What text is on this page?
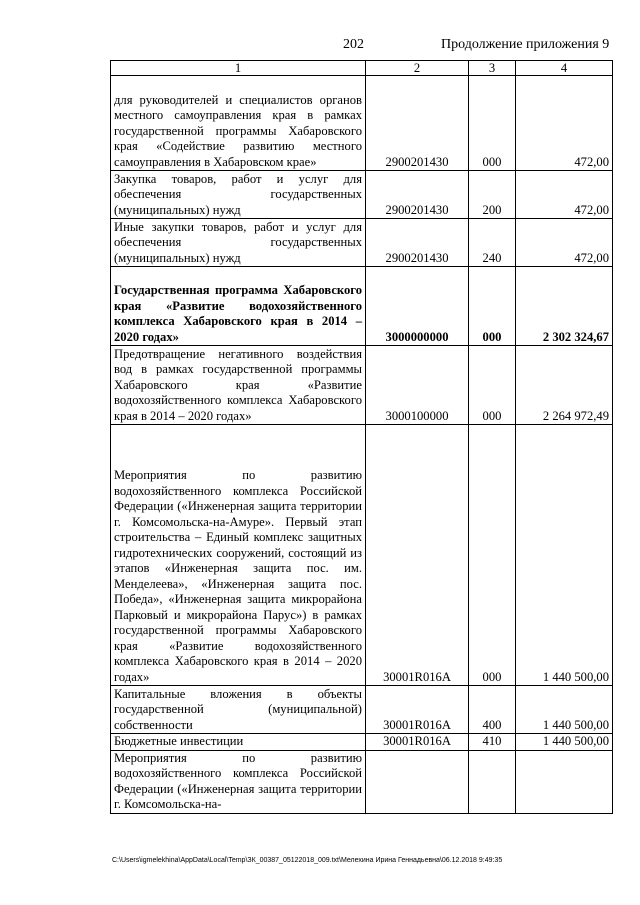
202	Продолжение приложения 9
1	2	3	4
для руководителей и специалистов органов местного самоуправления края в рамках государственной программы Хабаровского края «Содействие развитию местного самоуправления в Хабаровском крае»	2900201430	000	472,00
Закупка товаров, работ и услуг для обеспечения государственных (муниципальных) нужд	2900201430	200	472,00
Иные закупки товаров, работ и услуг для обеспечения государственных (муниципальных) нужд	2900201430	240	472,00
Государственная программа Хабаровского края «Развитие водохозяйственного комплекса Хабаровского края в 2014 – 2020 годах»	3000000000	000	2 302 324,67
Предотвращение негативного воздействия вод в рамках государственной программы Хабаровского края «Развитие водохозяйственного комплекса Хабаровского края в 2014 – 2020 годах»	3000100000	000	2 264 972,49
Мероприятия по развитию водохозяйственного комплекса Российской Федерации («Инженерная защита территории г. Комсомольска-на-Амуре». Первый этап строительства – Единый комплекс защитных гидротехнических сооружений, состоящий из этапов «Инженерная защита пос. им. Менделеева», «Инженерная защита пос. Победа», «Инженерная защита микрорайона Парковый и микрорайона Парус») в рамках государственной программы Хабаровского края «Развитие водохозяйственного комплекса Хабаровского края в 2014 – 2020 годах»	30001R016A	000	1 440 500,00
Капитальные вложения в объекты государственной (муниципальной) собственности	30001R016A	400	1 440 500,00
Бюджетные инвестиции	30001R016A	410	1 440 500,00
Мероприятия по развитию водохозяйственного комплекса Российской Федерации («Инженерная защита территории г. Комсомольска-на-			
C:\Users\igmelekhina\AppData\Local\Temp\ЗК_00387_05122018_009.txt\Мелехина Ирина Геннадьевна\06.12.2018 9:49:35
